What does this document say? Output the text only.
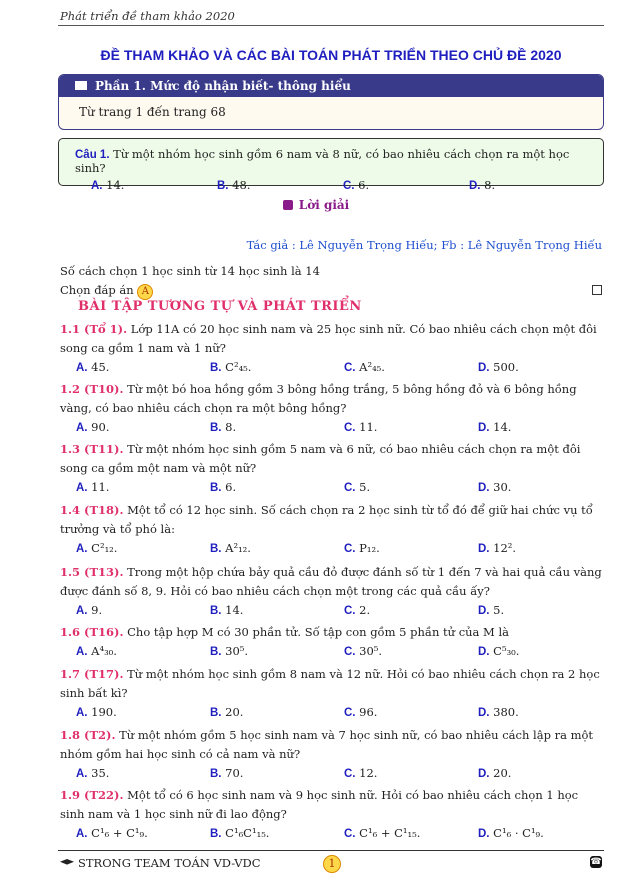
Phát triển đề tham khảo 2020
ĐỀ THAM KHẢO VÀ CÁC BÀI TOÁN PHÁT TRIỂN THEO CHỦ ĐỀ 2020
Phần 1. Mức độ nhận biết- thông hiểu
Từ trang 1 đến trang 68
Câu 1. Từ một nhóm học sinh gồm 6 nam và 8 nữ, có bao nhiêu cách chọn ra một học sinh?
A. 14.	B. 48.	C. 6.	D. 8.
Lời giải
Tác giả : Lê Nguyễn Trọng Hiếu; Fb : Lê Nguyễn Trọng Hiếu
Số cách chọn 1 học sinh từ 14 học sinh là 14
Chọn đáp án A
BÀI TẬP TƯƠNG TỰ VÀ PHÁT TRIỂN
1.1 (Tổ 1). Lớp 11A có 20 học sinh nam và 25 học sinh nữ. Có bao nhiêu cách chọn một đôi song ca gồm 1 nam và 1 nữ?
A. 45.	B. C²₄₅.	C. A²₄₅.	D. 500.
1.2 (T10). Từ một bó hoa hồng gồm 3 bông hồng trắng, 5 bông hồng đỏ và 6 bông hồng vàng, có bao nhiêu cách chọn ra một bông hồng?
A. 90.	B. 8.	C. 11.	D. 14.
1.3 (T11). Từ một nhóm học sinh gồm 5 nam và 6 nữ, có bao nhiêu cách chọn ra một đôi song ca gồm một nam và một nữ?
A. 11.	B. 6.	C. 5.	D. 30.
1.4 (T18). Một tổ có 12 học sinh. Số cách chọn ra 2 học sinh từ tổ đó để giữ hai chức vụ tổ trưởng và tổ phó là:
A. C²₁₂.	B. A²₁₂.	C. P₁₂.	D. 12².
1.5 (T13). Trong một hộp chứa bảy quả cầu đỏ được đánh số từ 1 đến 7 và hai quả cầu vàng được đánh số 8, 9. Hỏi có bao nhiêu cách chọn một trong các quả cầu ấy?
A. 9.	B. 14.	C. 2.	D. 5.
1.6 (T16). Cho tập hợp M có 30 phần tử. Số tập con gồm 5 phần tử của M là
A. A⁴₃₀.	B. 30⁵.	C. 30⁵.	D. C⁵₃₀.
1.7 (T17). Từ một nhóm học sinh gồm 8 nam và 12 nữ. Hỏi có bao nhiêu cách chọn ra 2 học sinh bất kì?
A. 190.	B. 20.	C. 96.	D. 380.
1.8 (T2). Từ một nhóm gồm 5 học sinh nam và 7 học sinh nữ, có bao nhiêu cách lập ra một nhóm gồm hai học sinh có cả nam và nữ?
A. 35.	B. 70.	C. 12.	D. 20.
1.9 (T22). Một tổ có 6 học sinh nam và 9 học sinh nữ. Hỏi có bao nhiêu cách chọn 1 học sinh nam và 1 học sinh nữ đi lao động?
A. C¹₆ + C¹₉.	B. C¹₆C¹₁₅.	C. C¹₆ + C¹₁₅.	D. C¹₆ · C¹₉.
STRONG TEAM TOÁN VD-VDC	1	☎
